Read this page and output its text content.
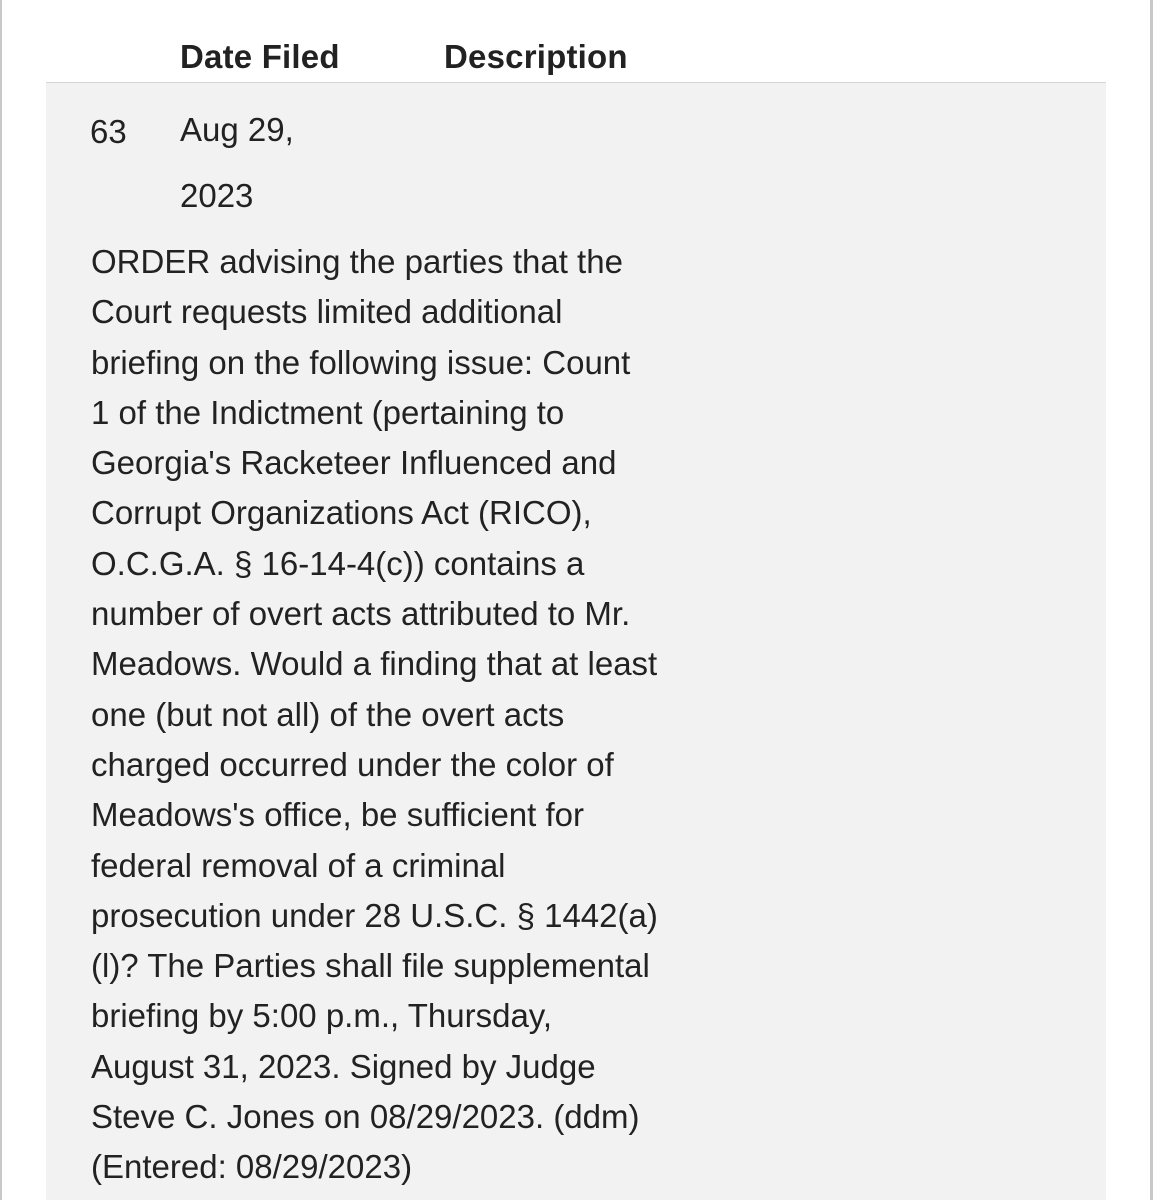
Date Filed	Description
63 Aug 29,
2023
ORDER advising the parties that the
Court requests limited additional
briefing on the following issue: Count
1 of the Indictment (pertaining to
Georgia's Racketeer Influenced and
Corrupt Organizations Act (RICO),
O.C.G.A. § 16-14-4(c)) contains a
number of overt acts attributed to Mr.
Meadows. Would a finding that at least
one (but not all) of the overt acts
charged occurred under the color of
Meadows's office, be sufficient for
federal removal of a criminal
prosecution under 28 U.S.C. § 1442(a)
(l)? The Parties shall file supplemental
briefing by 5:00 p.m., Thursday,
August 31, 2023. Signed by Judge
Steve C. Jones on 08/29/2023. (ddm)
(Entered: 08/29/2023)
